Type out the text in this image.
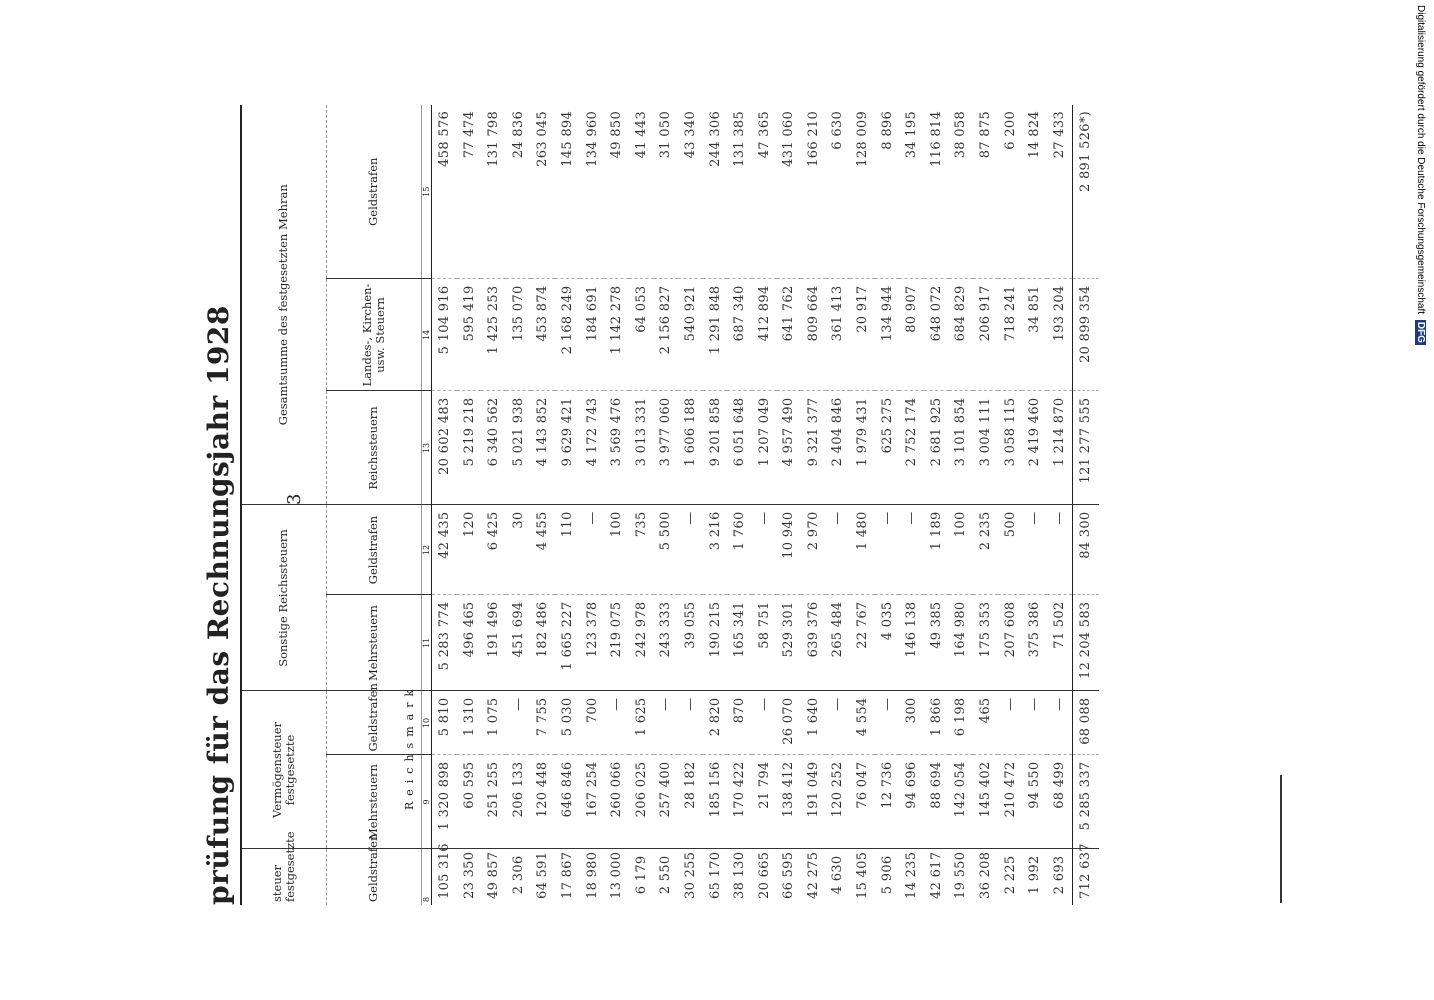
prüfung für das Rechnungsjahr 1928	3
steuer festgesetzte	Vermögensteuer festgesetzte		Sonstige Reichssteuern		Gesamtsumme des festgesetzten Mehran		
Geldstrafen	Mehrsteuern	Geldstrafen	Mehrsteuern	Geldstrafen	Reichssteuern	Landes-, Kirchen- usw. Steuern	Geldstrafen
8	9	10	11	12	13	14	15
105 316	1 320 898	5 810	5 283 774	42 435	20 602 483	5 104 916	458 576
23 350	60 595	1 310	496 465	120	5 219 218	595 419	77 474
49 857	251 255	1 075	191 496	6 425	6 340 562	1 425 253	131 798
2 306	206 133	—	451 694	30	5 021 938	135 070	24 836
64 591	120 448	7 755	182 486	4 455	4 143 852	453 874	263 045
17 867	646 846	5 030	1 665 227	110	9 629 421	2 168 249	145 894
18 980	167 254	700	123 378	—	4 172 743	184 691	134 960
13 000	260 066	—	219 075	100	3 569 476	1 142 278	49 850
6 179	206 025	1 625	242 978	735	3 013 331	64 053	41 443
2 550	257 400	—	243 333	5 500	3 977 060	2 156 827	31 050
30 255	28 182	—	39 055	—	1 606 188	540 921	43 340
65 170	185 156	2 820	190 215	3 216	9 201 858	1 291 848	244 306
38 130	170 422	870	165 341	1 760	6 051 648	687 340	131 385
20 665	21 794	—	58 751	—	1 207 049	412 894	47 365
66 595	138 412	26 070	529 301	10 940	4 957 490	641 762	431 060
42 275	191 049	1 640	639 376	2 970	9 321 377	809 664	166 210
4 630	120 252	—	265 484	—	2 404 846	361 413	6 630
15 405	76 047	4 554	22 767	1 480	1 979 431	20 917	128 009
5 906	12 736	—	4 035	—	625 275	134 944	8 896
14 235	94 696	300	146 138	—	2 752 174	80 907	34 195
42 617	88 694	1 866	49 385	1 189	2 681 925	648 072	116 814
19 550	142 054	6 198	164 980	100	3 101 854	684 829	38 058
36 208	145 402	465	175 353	2 235	3 004 111	206 917	87 875
2 225	210 472	—	207 608	500	3 058 115	718 241	6 200
1 992	94 550	—	375 386	—	2 419 460	34 851	14 824
2 693	68 499	—	71 502	—	1 214 870	193 204	27 433
712 637	5 285 337	68 088	12 204 583	84 300	121 277 555	20 899 354	2 891 526*)
Reichsmark
Digitalisierung gefördert durch die Deutsche Forschungsgemeinschaft DFG
